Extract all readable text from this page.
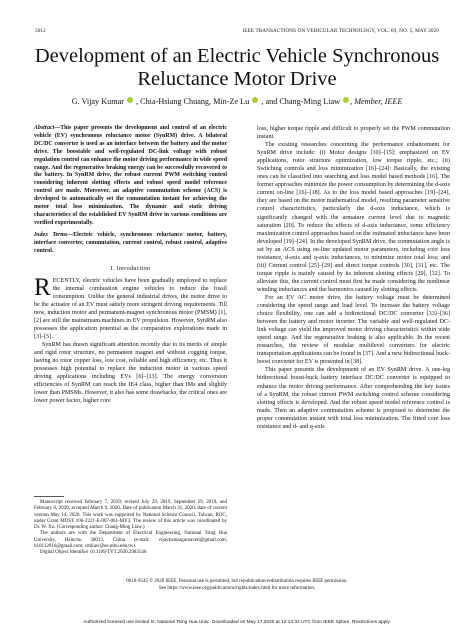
5012	IEEE TRANSACTIONS ON VEHICULAR TECHNOLOGY, VOL. 69, NO. 5, MAY 2020
Development of an Electric Vehicle Synchronous Reluctance Motor Drive
G. Vijay Kumar , Chia-Hsiang Chuang, Min-Ze Lu , and Chang-Ming Liaw , Member, IEEE

Abstract—This paper presents the development and control of an electric vehicle (EV) synchronous reluctance motor (SynRM) drive. A bilateral DC/DC converter is used as an interface between the battery and the motor drive. The boostable and well-regulated DC-link voltage with robust regulation control can enhance the motor driving performance in wide speed range. And the regenerative braking energy can be successfully recovered to the battery. In SynRM drive, the robust current PWM switching control considering inherent slotting effects and robust speed model reference control are made. Moreover, an adaptive commutation scheme (ACS) is developed to automatically set the commutation instant for achieving the motor total loss minimization. The dynamic and static driving characteristics of the established EV SynRM drive in various conditions are verified experimentally.

Index Terms—Electric vehicle, synchronous reluctance motor, battery, interface converter, commutation, current control, robust control, adaptive control.

I. Introduction

RECENTLY, electric vehicles have been gradually employed to replace the internal combustion engine vehicles to reduce the fossil consumption. Unlike the general industrial drives, the motor drive to be the actuator of an EV must satisfy more stringent driving requirements. Till now, induction motor and permanent-magnet synchronous motor (PMSM) [1], [2] are still the mainstream machines in EV propulsion. However, SynRM also possesses the application potential as the comparative explorations made in [3]–[5].

SynRM has drawn significant attention recently due to its merits of simple and rigid rotor structure, no permanent magnet and without cogging torque, having no rotor copper loss, low cost, reliable and high efficiency, etc. Thus it possesses high potential to replace the induction motor in various speed driving applications including EVs [6]–[13]. The energy conversion efficiencies of SynRM can reach the IE4 class, higher than IMs and slightly lower than PMSMs. However, it also has some drawbacks, the critical ones are lower power factor, higher core

Manuscript received February 7, 2019; revised July 29, 2019, September 29, 2019, and February 6, 2020; accepted March 9, 2020. Date of publication March 31, 2020; date of current version May 14, 2020. This work was supported by National Science Council, Taiwan, ROC, under Grant MOST 106-2221-E-007-061-MY3. The review of this article was coordinated by Dr. W. Xu. (Corresponding author: Chang-Ming Liaw.)

The authors are with the Department of Electrical Engineering, National Tsing Hua University, Hsinchu 30013, China (e-mail: vijaykumargarnaveti@gmail.com; b10112016@gmail.com; cmliaw@ee.nthu.edu.tw).

Digital Object Identifier 10.1109/TVT.2020.2983546

loss, higher torque ripple and difficult to properly set the PWM commutation instant.

The existing researches concerning the performance enhancement for SynRM drive include: (i) Motor designs [10]–[15]: emphasized on EV applications, rotor structure optimization, low torque ripple, etc.; (ii) Switching controls and loss minimization [16]–[24]: Basically, the existing ones can be classified into searching and loss model based methods [16]. The former approaches minimize the power consumption by determining the d-axis current on-line [16]–[18]. As to the loss model based approaches [19]–[24], they are based on the motor mathematical model, resulting parameter sensitive control characteristics, particularly the d-axis inductance, which is significantly changed with the armature current level due to magnetic saturation [20]. To reduce the effects of d-axis inductance, some efficiency maximization control approaches based on the estimated inductance have been developed [19]–[24]. In the developed SynRM drive, the commutation angle is set by an ACS using on-line updated motor parameters, including core loss resistance, d-axis and q-axis inductances, to minimize motor total loss; and (iii) Current control [25]–[29] and direct torque controls [30], [31], etc. The torque ripple is mainly caused by its inherent slotting effects [29], [32]. To alleviate this, the current control must first be made considering the nonlinear winding inductances and the harmonics caused by slotting effects.

For an EV AC motor drive, the battery voltage must be determined considering the speed range and load level. To increase the battery voltage choice flexibility, one can add a bidirectional DC/DC converter [33]–[36] between the battery and motor inverter. The variable and well-regulated DC-link voltage can yield the improved motor driving characteristics within wide speed range. And the regenerative braking is also applicable. In the recent researches, the review of modular multilevel converters for electric transportation applications can be found in [37]. And a new bidirectional buck-boost converter for EV is presented in [38].

This paper presents the development of an EV SynRM drive. A one-leg bidirectional boost-buck battery interface DC/DC converter is equipped to enhance the motor driving performance. After comprehending the key issues of a SynRM, the robust current PWM switching control scheme considering slotting effects is developed. And the robust speed model reference control is made. Then an adaptive commutation scheme is proposed to determine the proper commutation instant with total loss minimization. The fitted core loss resistance and d- and q-axis

0018-9545 © 2020 IEEE. Personal use is permitted, but republication/redistribution requires IEEE permission.
See https://www.ieee.org/publications/rights/index.html for more information.
Authorized licensed use limited to: National Tsing Hua Univ.. Downloaded on May 17,2020 at 12:13:32 UTC from IEEE Xplore. Restrictions apply.
